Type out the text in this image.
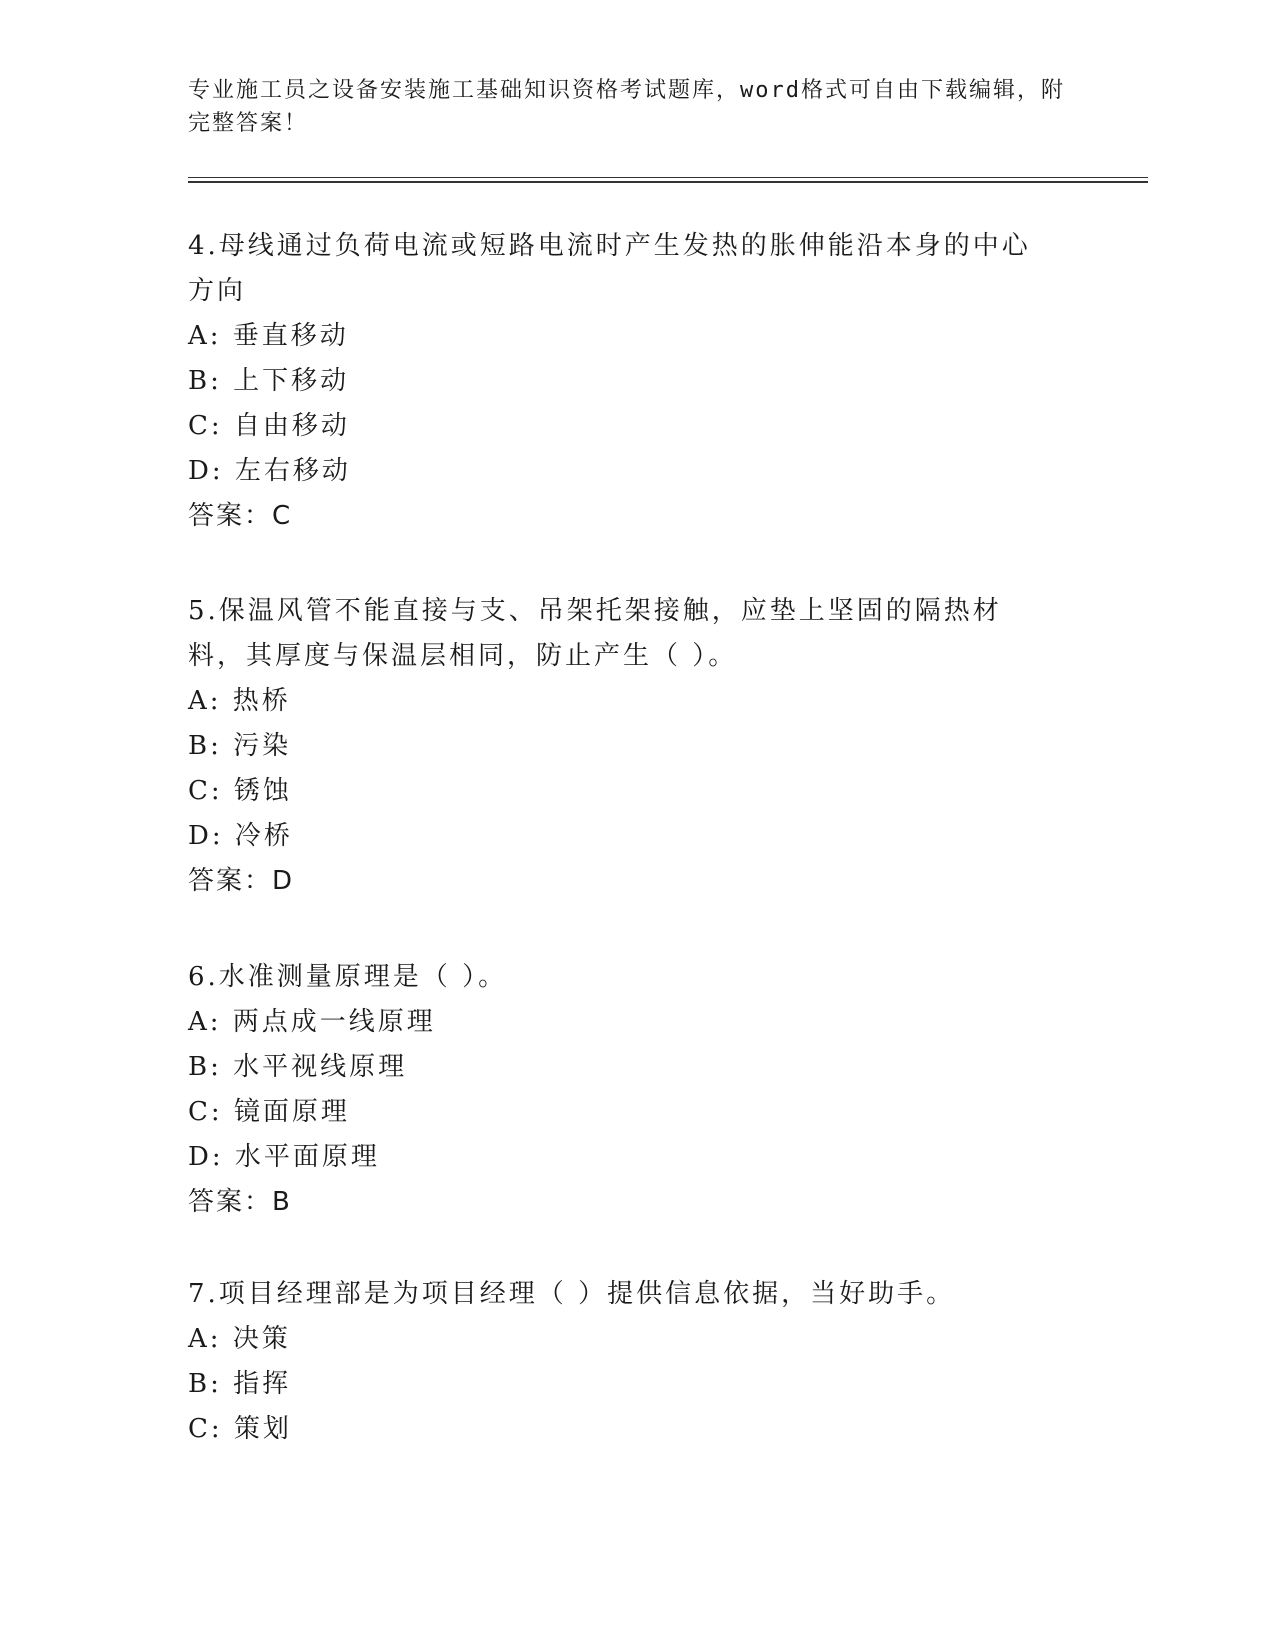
专业施工员之设备安装施工基础知识资格考试题库，word格式可自由下载编辑，附完整答案！

4.母线通过负荷电流或短路电流时产生发热的胀伸能沿本身的中心方向

A: 垂直移动

B: 上下移动

C: 自由移动

D: 左右移动

答案：C

5.保温风管不能直接与支、吊架托架接触，应垫上坚固的隔热材料，其厚度与保温层相同，防止产生（ ）。

A: 热桥

B: 污染

C: 锈蚀

D: 冷桥

答案：D

6.水准测量原理是（ ）。

A: 两点成一线原理

B: 水平视线原理

C: 镜面原理

D: 水平面原理

答案：B

7.项目经理部是为项目经理（ ）提供信息依据，当好助手。

A: 决策

B: 指挥

C: 策划
